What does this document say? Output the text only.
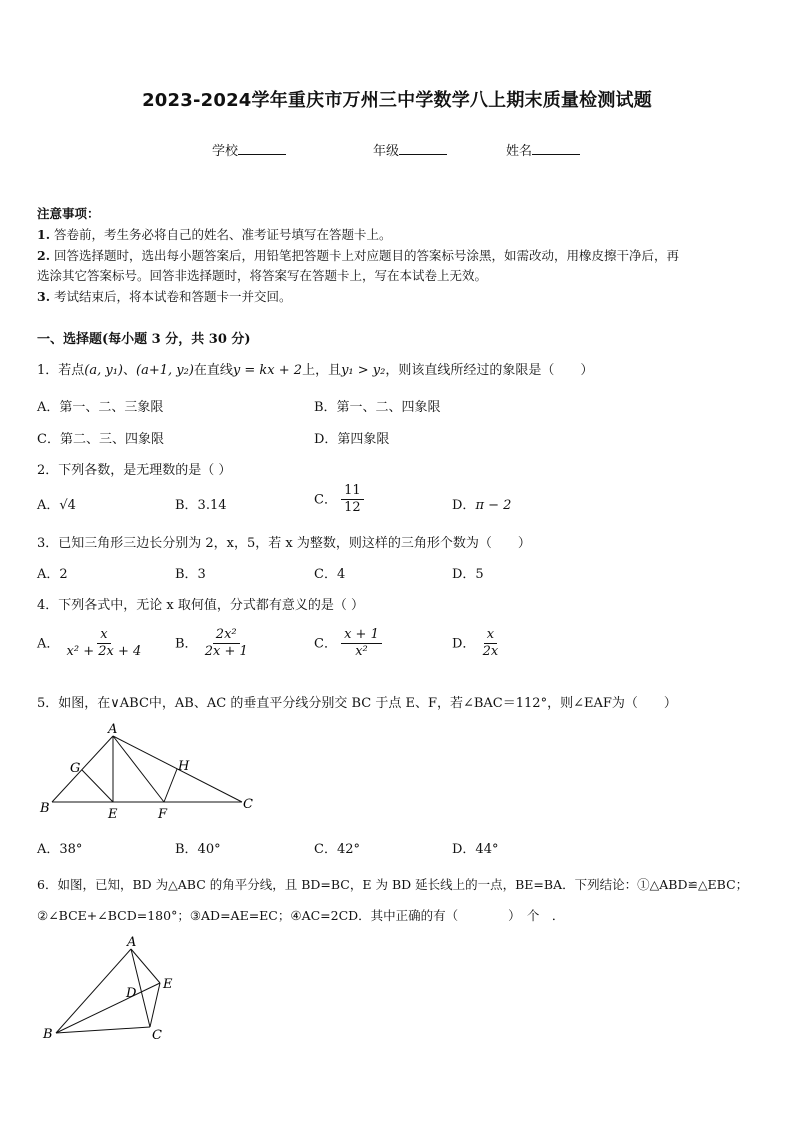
2023-2024学年重庆市万州三中学数学八上期末质量检测试题
学校	年级	姓名
注意事项：
1. 答卷前，考生务必将自己的姓名、准考证号填写在答题卡上。
2. 回答选择题时，选出每小题答案后，用铅笔把答题卡上对应题目的答案标号涂黑，如需改动，用橡皮擦干净后，再
选涂其它答案标号。回答非选择题时，将答案写在答题卡上，写在本试卷上无效。
3. 考试结束后，将本试卷和答题卡一并交回。
一、选择题(每小题 3 分，共 30 分)
1．若点(a, y₁)、(a+1, y₂)在直线y = kx + 2上，且y₁ > y₂，则该直线所经过的象限是（　　）
A．第一、二、三象限	B．第一、二、四象限
C．第二、三、四象限	D．第四象限
2．下列各数，是无理数的是（ ）
A．√4	B．3.14	C． $\frac{11}{12}$	D．π − 2
3．已知三角形三边长分别为 2，x，5，若 x 为整数，则这样的三角形个数为（　　）
A．2	B．3	C．4	D．5
4．下列各式中，无论 x 取何值，分式都有意义的是（ ）
A． $\frac{x}{\text{x² + 2x + 4}}$ B． $\frac{\text{2x²}}{2x + 1}$	C． $\frac{x + 1}{\text{x²}}$	D． $\frac{x}{2x}$
5．如图，在∨ABC中，AB、AC 的垂直平分线分别交 BC 于点 E、F，若∠BAC＝112°，则∠EAF为（　　）
A
B	C
E	F
G	H
A．38°	B．40°	C．42°	D．44°
6．如图，已知，BD 为△ABC 的角平分线，且 BD=BC，E 为 BD 延长线上的一点，BE=BA．下列结论：①△ABD≌△EBC；
②∠BCE+∠BCD=180°；③AD=AE=EC；④AC=2CD．其中正确的有（　　　　）　个　．
A
B	C
D
E
